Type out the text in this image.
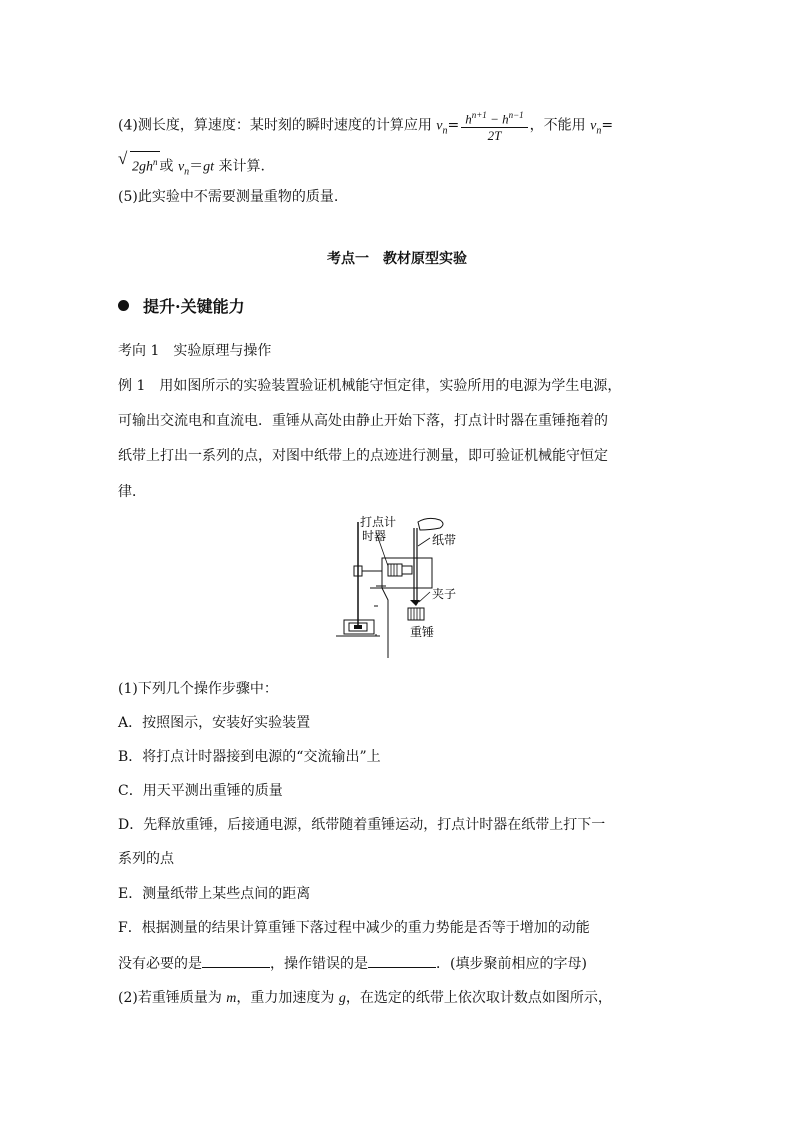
(4)测长度，算速度：某时刻的瞬时速度的计算应用 $v_n= \frac{h^{n+1} - h^{n-1}}{2T}$ ，不能用 $v_n=$
√ $2gh^n$ 或 $v_n=gt$ 来计算.
(5)此实验中不需要测量重物的质量.
考点一　教材原型实验
提升·关键能力
考向 1　实验原理与操作
例 1　用如图所示的实验装置验证机械能守恒定律，实验所用的电源为学生电源，
可输出交流电和直流电．重锤从高处由静止开始下落，打点计时器在重锤拖着的
纸带上打出一系列的点，对图中纸带上的点迹进行测量，即可验证机械能守恒定
律．
打点计
时器	纸带
夹子
重锤
(1)下列几个操作步骤中：
A．按照图示，安装好实验装置
B．将打点计时器接到电源的“交流输出”上
C．用天平测出重锤的质量
D．先释放重锤，后接通电源，纸带随着重锤运动，打点计时器在纸带上打下一
系列的点
E．测量纸带上某些点间的距离
F．根据测量的结果计算重锤下落过程中减少的重力势能是否等于增加的动能
没有必要的是	，操作错误的是	．(填步聚前相应的字母)
(2)若重锤质量为 m，重力加速度为 g，在选定的纸带上依次取计数点如图所示，
